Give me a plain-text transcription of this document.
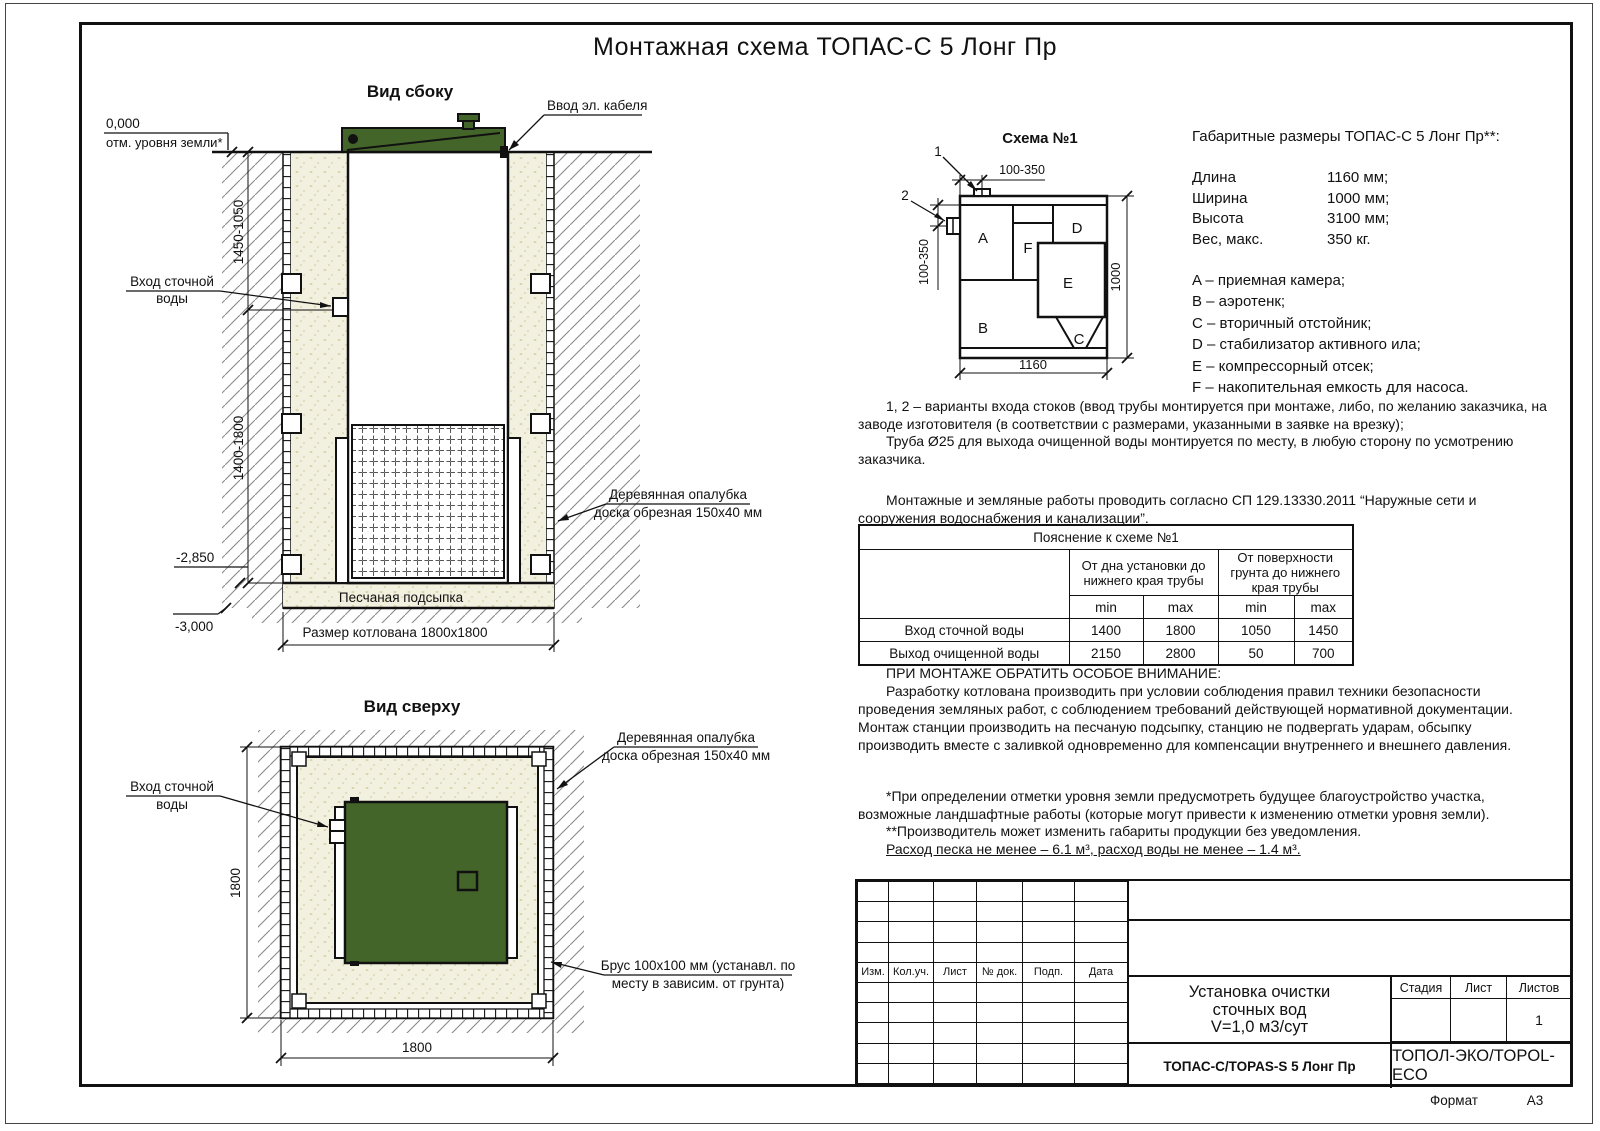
Монтажная схема ТОПАС-С 5 Лонг Пр
Вид сбоку
Ввод эл. кабеля
0,000
отм. уровня земли*
1450-1050
1400-1800
Вход сточной
воды
-2,850
-3,000
Песчаная подсыпка
Размер котлована 1800x1800
Деревянная опалубка
доска обрезная 150x40 мм
Вид сверху
Вход сточной
воды
Деревянная опалубка
доска обрезная 150x40 мм
Брус 100x100 мм (устанавл. по
месту в зависим. от грунта)
1800
1800
Схема №1
1
2
100-350
100-350
1160
1000
A
F
D
E
B
C
Габаритные размеры ТОПАС-С 5 Лонг Пр**:
Длина	1160 мм;
Ширина	1000 мм;
Высота	3100 мм;
Вес, макс.	350 кг.
A – приемная камера;
B – аэротенк;
C – вторичный отстойник;
D – стабилизатор активного ила;
E – компрессорный отсек;
F – накопительная емкость для насоса.

1, 2 – варианты входа стоков (ввод трубы монтируется при монтаже, либо, по желанию заказчика, на заводе изготовителя (в соответствии с размерами, указанными в заявке на врезку);

Труба Ø25 для выхода очищенной воды монтируется по месту, в любую сторону по усмотрению заказчика.

Монтажные и земляные работы проводить согласно СП 129.13330.2011 “Наружные сети и сооружения водоснабжения и канализации”.

Пояснение к схеме №1				
	От дна установки до нижнего края трубы		От поверхности грунта до нижнего края трубы	
	min	max	min	max
Вход сточной воды	1400	1800	1050	1450
Выход очищенной воды	2150	2800	50	700

ПРИ МОНТАЖЕ ОБРАТИТЬ ОСОБОЕ ВНИМАНИЕ:

Разработку котлована производить при условии соблюдения правил техники безопасности проведения земляных работ, с соблюдением требований действующей нормативной документации. Монтаж станции производить на песчаную подсыпку, станцию не подвергать ударам, обсыпку производить вместе с заливкой одновременно для компенсации внутреннего и внешнего давления.

*При определении отметки уровня земли предусмотреть будущее благоустройство участка, возможные ландшафтные работы (которые могут привести к изменению отметки уровня земли).

**Производитель может изменить габариты продукции без уведомления.

Расход песка не менее – 6.1 м³, расход воды не менее – 1.4 м³.

Изм.	Кол.уч.	Лист	№ док.	Подп.	Дата

Установка очистки
сточных вод
V=1,0 м3/сут
Стадия	Лист	Листов
1
ТОПАС-С/TOPAS-S 5 Лонг Пр
ТОПОЛ-ЭКО/TOPOL-ECO
Формат	A3
